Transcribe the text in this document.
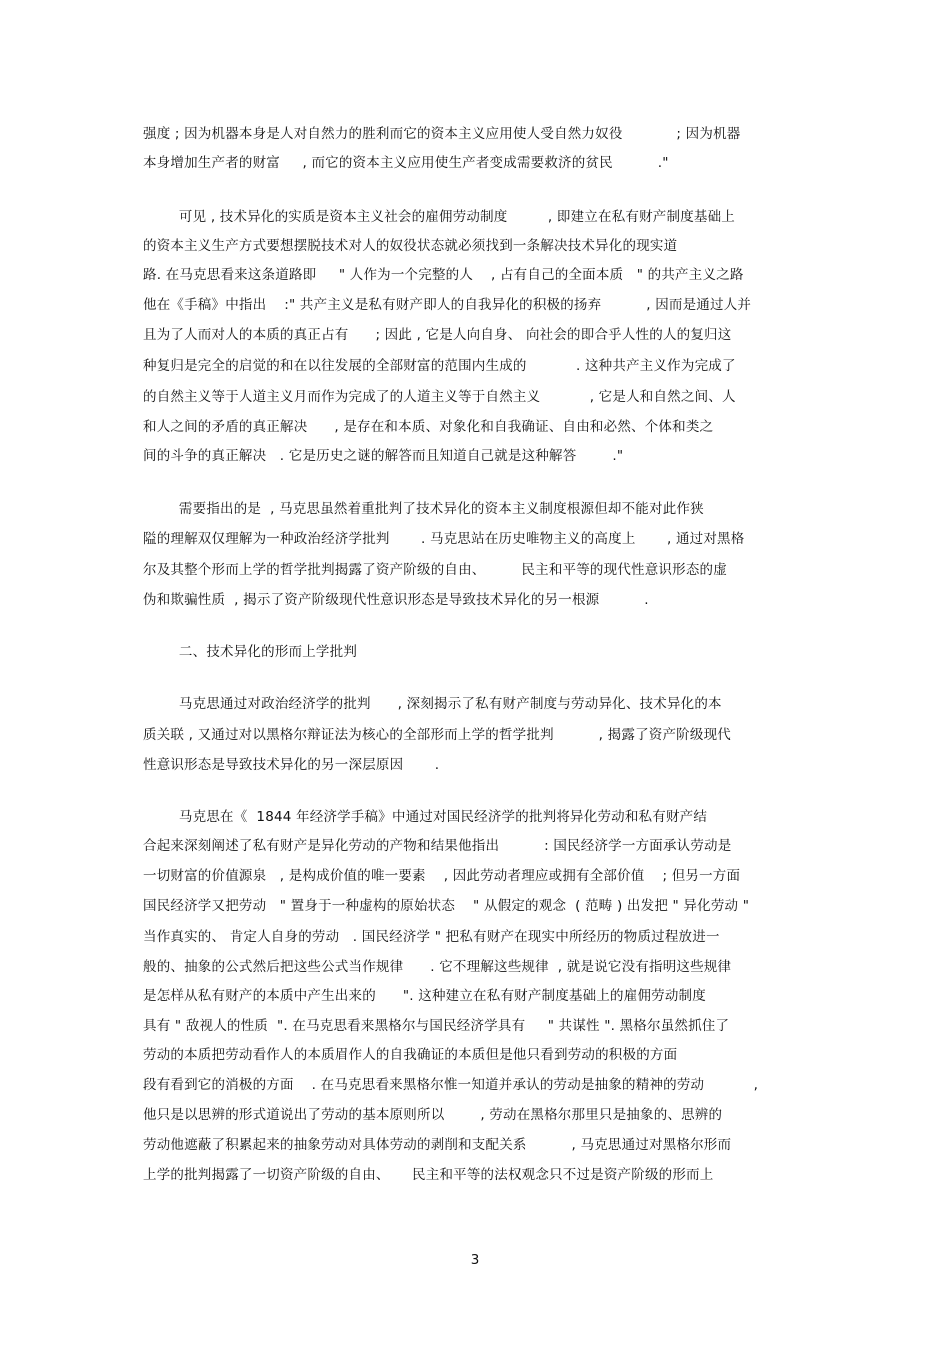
强度 ; 因为机器本身是人对自然力的胜利而它的资本主义应用使人受自然力奴役            ; 因为机器
本身增加生产者的财富     , 而它的资本主义应用使生产者变成需要救济的贫民          ."
可见 , 技术异化的实质是资本主义社会的雇佣劳动制度         , 即建立在私有财产制度基础上
的资本主义生产方式要想摆脱技术对人的奴役状态就必须找到一条解决技术异化的现实道
路. 在马克思看来这条道路即     " 人作为一个完整的人    , 占有自己的全面本质   " 的共产主义之路
他在《手稿》中指出    :" 共产主义是私有财产即人的自我异化的积极的扬弃          , 因而是通过人并
且为了人而对人的本质的真正占有      ; 因此 , 它是人向自身、 向社会的即合乎人性的人的复归这
种复归是完全的启觉的和在以往发展的全部财富的范围内生成的           . 这种共产主义作为完成了
的自然主义等于人道主义月而作为完成了的人道主义等于自然主义           , 它是人和自然之间、人
和人之间的矛盾的真正解决      , 是存在和本质、对象化和自我确证、自由和必然、个体和类之
间的斗争的真正解决   . 它是历史之谜的解答而且知道自己就是这种解答        ."
需要指出的是  , 马克思虽然着重批判了技术异化的资本主义制度根源但却不能对此作狭
隘的理解双仅理解为一种政治经济学批判       . 马克思站在历史唯物主义的高度上       , 通过对黑格
尔及其整个形而上学的哲学批判揭露了资产阶级的自由、        民主和平等的现代性意识形态的虚
伪和欺骗性质  , 揭示了资产阶级现代性意识形态是导致技术异化的另一根源          .
二、技术异化的形而上学批判
马克思通过对政治经济学的批判      , 深刻揭示了私有财产制度与劳动异化、技术异化的本
质关联 , 又通过对以黑格尔辩证法为核心的全部形而上学的哲学批判          , 揭露了资产阶级现代
性意识形态是导致技术异化的另一深层原因       .
马克思在《  1844 年经济学手稿》中通过对国民经济学的批判将异化劳动和私有财产结
合起来深刻阐述了私有财产是异化劳动的产物和结果他指出          : 国民经济学一方面承认劳动是
一切财富的价值源泉   , 是构成价值的唯一要素    , 因此劳动者理应或拥有全部价值    ; 但另一方面
国民经济学又把劳动   " 置身于一种虚构的原始状态    " 从假定的观念  ( 范畴 ) 出发把 " 异化劳动 "
当作真实的、 肯定人自身的劳动   . 国民经济学 " 把私有财产在现实中所经历的物质过程放进一
般的、抽象的公式然后把这些公式当作规律      . 它不理解这些规律  , 就是说它没有指明这些规律
是怎样从私有财产的本质中产生出来的      ". 这种建立在私有财产制度基础上的雇佣劳动制度
具有 " 敌视人的性质  ". 在马克思看来黑格尔与国民经济学具有     " 共谋性 ". 黑格尔虽然抓住了
劳动的本质把劳动看作人的本质眉作人的自我确证的本质但是他只看到劳动的积极的方面
段有看到它的消极的方面    . 在马克思看来黑格尔惟一知道并承认的劳动是抽象的精神的劳动           ,
他只是以思辨的形式道说出了劳动的基本原则所以        , 劳动在黑格尔那里只是抽象的、思辨的
劳动他遮蔽了积累起来的抽象劳动对具体劳动的剥削和支配关系          , 马克思通过对黑格尔形而
上学的批判揭露了一切资产阶级的自由、     民主和平等的法权观念只不过是资产阶级的形而上
3
